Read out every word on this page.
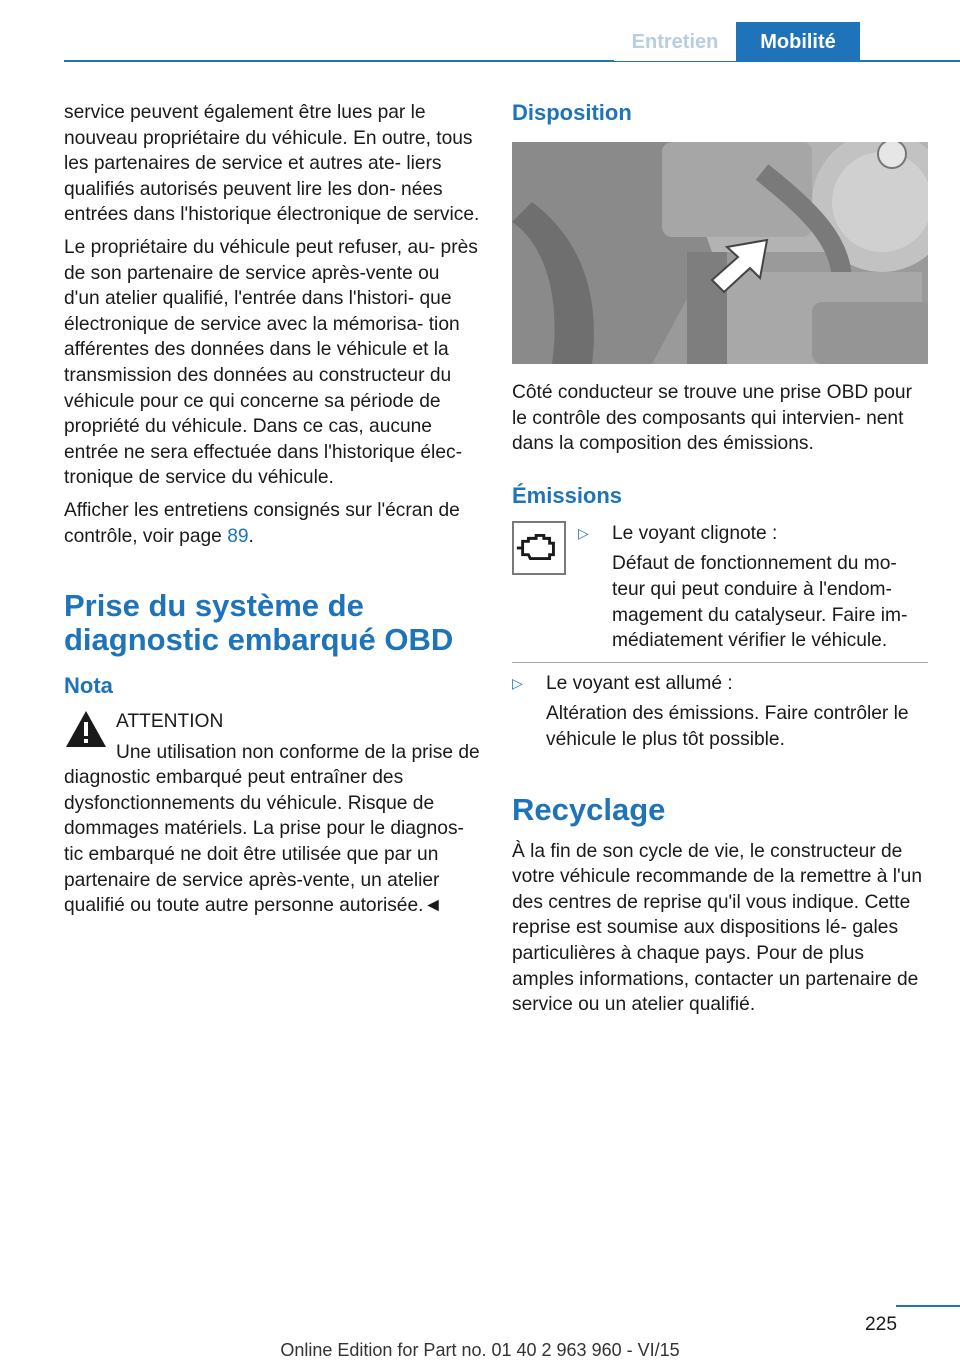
Entretien	Mobilité

service peuvent également être lues par le nouveau propriétaire du véhicule. En outre, tous les partenaires de service et autres ate‐ liers qualifiés autorisés peuvent lire les don‐ nées entrées dans l'historique électronique de service.

Le propriétaire du véhicule peut refuser, au‐ près de son partenaire de service après-vente ou d'un atelier qualifié, l'entrée dans l'histori‐ que électronique de service avec la mémorisa‐ tion afférentes des données dans le véhicule et la transmission des données au constructeur du véhicule pour ce qui concerne sa période de propriété du véhicule. Dans ce cas, aucune entrée ne sera effectuée dans l'historique élec‐ tronique de service du véhicule.

Afficher les entretiens consignés sur l'écran de contrôle, voir page 89.

Prise du système de diagnostic embarqué OBD
Nota

ATTENTION

Une utilisation non conforme de la prise de diagnostic embarqué peut entraîner des dysfonctionnements du véhicule. Risque de dommages matériels. La prise pour le diagnos‐ tic embarqué ne doit être utilisée que par un partenaire de service après-vente, un atelier qualifié ou toute autre personne autorisée.◄

Disposition

Côté conducteur se trouve une prise OBD pour le contrôle des composants qui intervien‐ nent dans la composition des émissions.

Émissions
▷ Le voyant clignote :

Défaut de fonctionnement du mo‐ teur qui peut conduire à l'endom‐ magement du catalyseur. Faire im‐ médiatement vérifier le véhicule.

▷ Le voyant est allumé :

Altération des émissions. Faire contrôler le véhicule le plus tôt possible.

Recyclage

À la fin de son cycle de vie, le constructeur de votre véhicule recommande de la remettre à l'un des centres de reprise qu'il vous indique. Cette reprise est soumise aux dispositions lé‐ gales particulières à chaque pays. Pour de plus amples informations, contacter un partenaire de service ou un atelier qualifié.

225
Online Edition for Part no. 01 40 2 963 960 - VI/15
